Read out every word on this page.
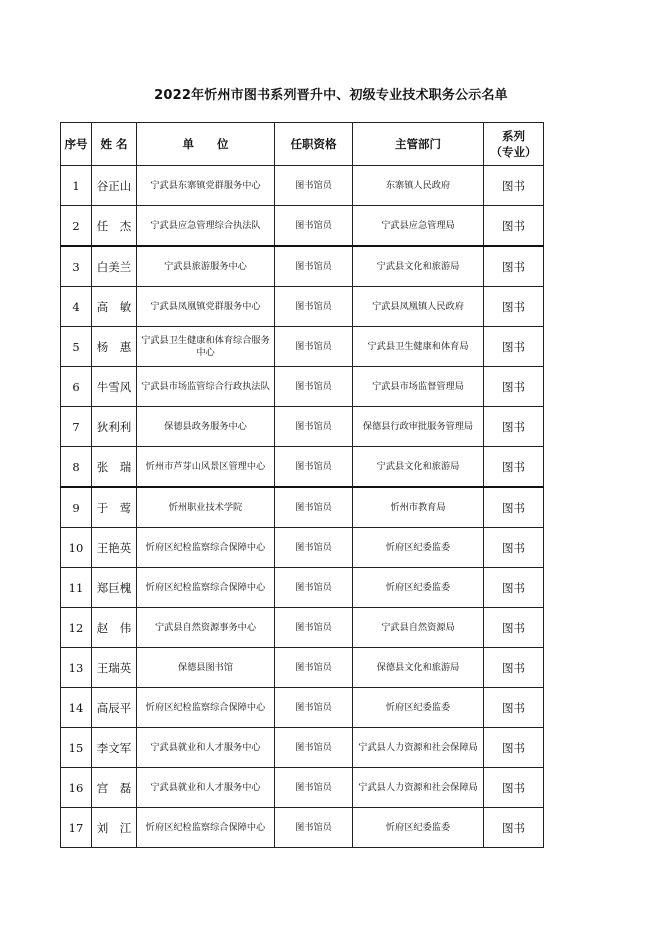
2022年忻州市图书系列晋升中、初级专业技术职务公示名单
序号	姓 名	单　　位	任职资格	主管部门	系列
（专业）

1	谷正山	宁武县东寨镇党群服务中心	图书馆员	东寨镇人民政府	图书
2	任　杰	宁武县应急管理综合执法队	图书馆员	宁武县应急管理局	图书
3	白美兰	宁武县旅游服务中心	图书馆员	宁武县文化和旅游局	图书
4	高　敏	宁武县凤凰镇党群服务中心	图书馆员	宁武县凤凰镇人民政府	图书
5	杨　惠	宁武县卫生健康和体育综合服务中心	图书馆员	宁武县卫生健康和体育局	图书
6	牛雪风	宁武县市场监管综合行政执法队	图书馆员	宁武县市场监督管理局	图书
7	狄利利	保德县政务服务中心	图书馆员	保德县行政审批服务管理局	图书
8	张　瑞	忻州市芦芽山风景区管理中心	图书馆员	宁武县文化和旅游局	图书
9	于　莺	忻州职业技术学院	图书馆员	忻州市教育局	图书
10	王艳英	忻府区纪检监察综合保障中心	图书馆员	忻府区纪委监委	图书
11	郑巨槐	忻府区纪检监察综合保障中心	图书馆员	忻府区纪委监委	图书
12	赵　伟	宁武县自然资源事务中心	图书馆员	宁武县自然资源局	图书
13	王瑞英	保德县图书馆	图书馆员	保德县文化和旅游局	图书
14	高辰平	忻府区纪检监察综合保障中心	图书馆员	忻府区纪委监委	图书
15	李文军	宁武县就业和人才服务中心	图书馆员	宁武县人力资源和社会保障局	图书
16	宫　磊	宁武县就业和人才服务中心	图书馆员	宁武县人力资源和社会保障局	图书
17	刘　江	忻府区纪检监察综合保障中心	图书馆员	忻府区纪委监委	图书
